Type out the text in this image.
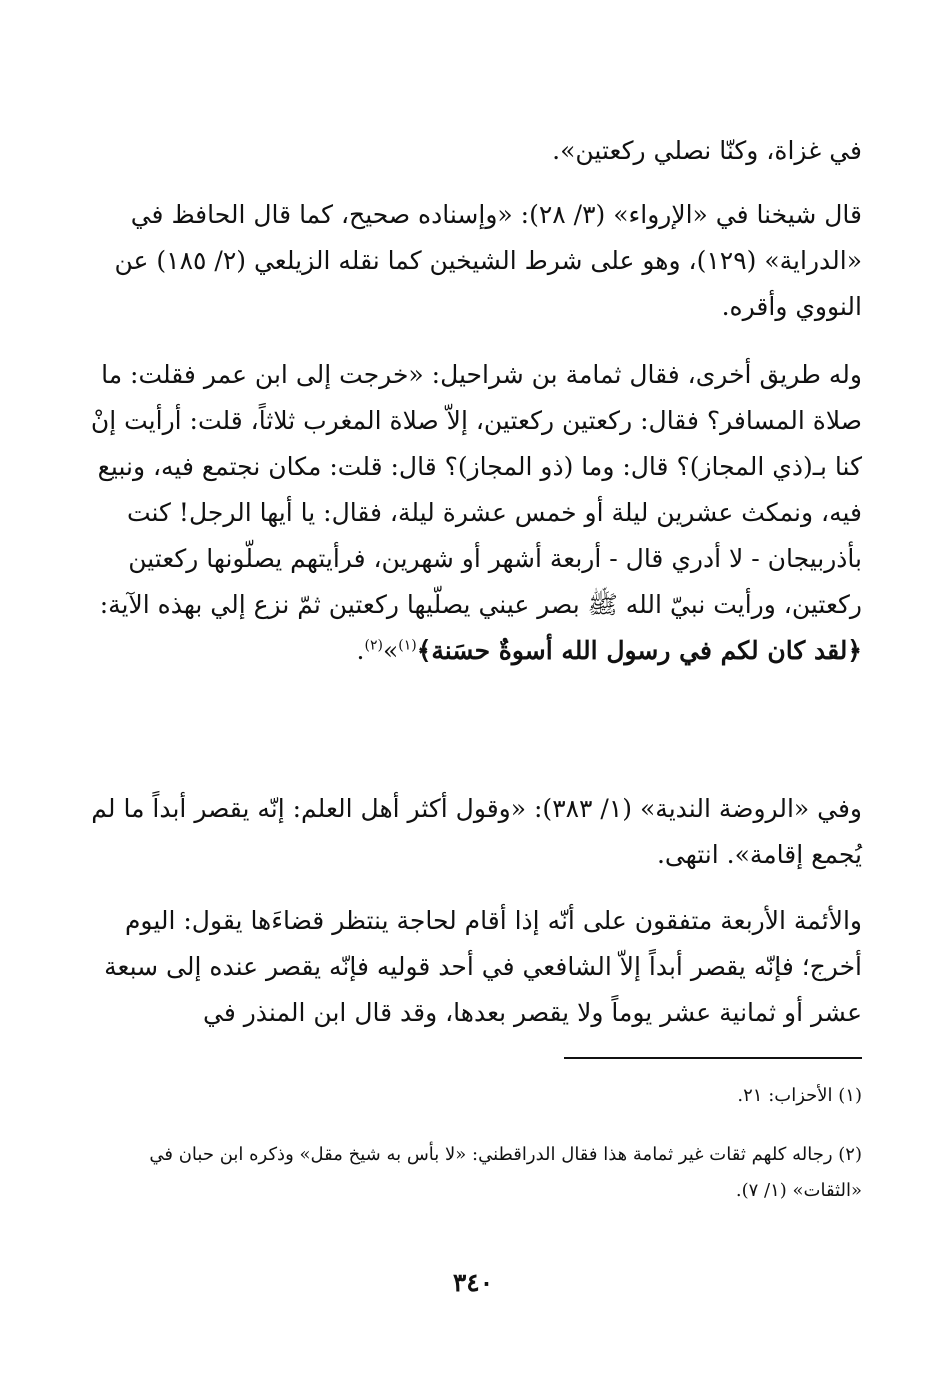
في غزاة، وكنّا نصلي ركعتين».

قال شيخنا في «الإرواء» (٣/ ٢٨): «وإسناده صحيح، كما قال الحافظ في «الدراية» (١٢٩)، وهو على شرط الشيخين كما نقله الزيلعي (٢/ ١٨٥) عن النووي وأقره.

وله طريق أخرى، فقال ثمامة بن شراحيل: «خرجت إلى ابن عمر فقلت: ما صلاة المسافر؟ فقال: ركعتين ركعتين، إلاّ صلاة المغرب ثلاثاً، قلت: أرأيت إنْ كنا بـ(ذي المجاز)؟ قال: وما (ذو المجاز)؟ قال: قلت: مكان نجتمع فيه، ونبيع فيه، ونمكث عشرين ليلة أو خمس عشرة ليلة، فقال: يا أيها الرجل! كنت بأذربيجان - لا أدري قال - أربعة أشهر أو شهرين، فرأيتهم يصلّونها ركعتين ركعتين، ورأيت نبيّ الله ﷺ بصر عيني يصلّيها ركعتين ثمّ نزع إلي بهذه الآية: ﴿لقد كان لكم في رسول الله أسوةٌ حسَنة﴾$^{(١)}$»$^{(٢)}$.

وفي «الروضة الندية» (١/ ٣٨٣): «وقول أكثر أهل العلم: إنّه يقصر أبداً ما لم يُجمع إقامة». انتهى.

والأئمة الأربعة متفقون على أنّه إذا أقام لحاجة ينتظر قضاءَها يقول: اليوم أخرج؛ فإنّه يقصر أبداً إلاّ الشافعي في أحد قوليه فإنّه يقصر عنده إلى سبعة عشر أو ثمانية عشر يوماً ولا يقصر بعدها، وقد قال ابن المنذر في

(١) الأحزاب: ٢١.

(٢) رجاله كلهم ثقات غير ثمامة هذا فقال الدراقطني: «لا بأس به شيخ مقل» وذكره ابن حبان في «الثقات» (١/ ٧).

٣٤٠
